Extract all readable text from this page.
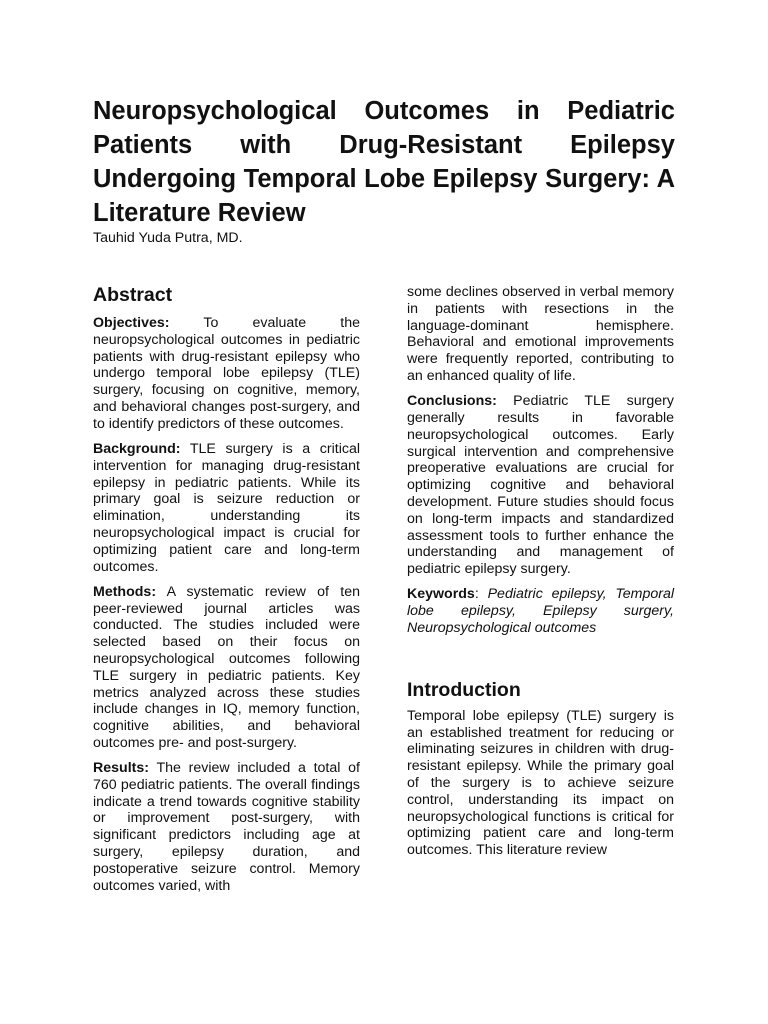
Neuropsychological Outcomes in Pediatric Patients with Drug-Resistant Epilepsy Undergoing Temporal Lobe Epilepsy Surgery: A Literature Review

Tauhid Yuda Putra, MD.

Abstract

Objectives: To evaluate the neuropsychological outcomes in pediatric patients with drug-resistant epilepsy who undergo temporal lobe epilepsy (TLE) surgery, focusing on cognitive, memory, and behavioral changes post-surgery, and to identify predictors of these outcomes.

Background: TLE surgery is a critical intervention for managing drug-resistant epilepsy in pediatric patients. While its primary goal is seizure reduction or elimination, understanding its neuropsychological impact is crucial for optimizing patient care and long-term outcomes.

Methods: A systematic review of ten peer-reviewed journal articles was conducted. The studies included were selected based on their focus on neuropsychological outcomes following TLE surgery in pediatric patients. Key metrics analyzed across these studies include changes in IQ, memory function, cognitive abilities, and behavioral outcomes pre- and post-surgery.

Results: The review included a total of 760 pediatric patients. The overall findings indicate a trend towards cognitive stability or improvement post-surgery, with significant predictors including age at surgery, epilepsy duration, and postoperative seizure control. Memory outcomes varied, with

some declines observed in verbal memory in patients with resections in the language-dominant hemisphere. Behavioral and emotional improvements were frequently reported, contributing to an enhanced quality of life.

Conclusions: Pediatric TLE surgery generally results in favorable neuropsychological outcomes. Early surgical intervention and comprehensive preoperative evaluations are crucial for optimizing cognitive and behavioral development. Future studies should focus on long-term impacts and standardized assessment tools to further enhance the understanding and management of pediatric epilepsy surgery.

Keywords: Pediatric epilepsy, Temporal lobe epilepsy, Epilepsy surgery, Neuropsychological outcomes

Introduction

Temporal lobe epilepsy (TLE) surgery is an established treatment for reducing or eliminating seizures in children with drug-resistant epilepsy. While the primary goal of the surgery is to achieve seizure control, understanding its impact on neuropsychological functions is critical for optimizing patient care and long-term outcomes. This literature review
